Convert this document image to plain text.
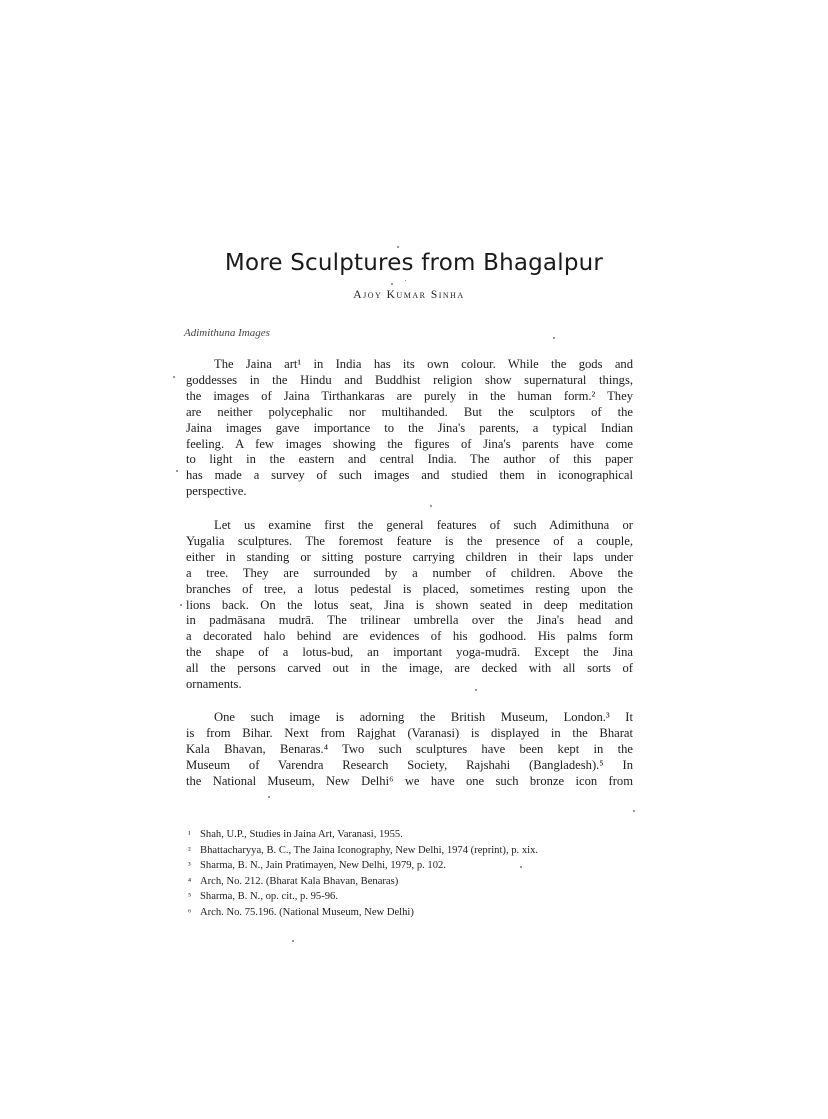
More Sculptures from Bhagalpur
Ajoy Kumar Sinha
Adimithuna Images
The Jaina art¹ in India has its own colour. While the gods and
goddesses in the Hindu and Buddhist religion show supernatural things,
the images of Jaina Tirthankaras are purely in the human form.² They
are neither polycephalic nor multihanded. But the sculptors of the
Jaina images gave importance to the Jina's parents, a typical Indian
feeling. A few images showing the figures of Jina's parents have come
to light in the eastern and central India. The author of this paper
has made a survey of such images and studied them in iconographical
perspective.
Let us examine first the general features of such Adimithuna or
Yugalia sculptures. The foremost feature is the presence of a couple,
either in standing or sitting posture carrying children in their laps under
a tree. They are surrounded by a number of children. Above the
branches of tree, a lotus pedestal is placed, sometimes resting upon the
lions back. On the lotus seat, Jina is shown seated in deep meditation
in padmāsana mudrā. The trilinear umbrella over the Jina's head and
a decorated halo behind are evidences of his godhood. His palms form
the shape of a lotus-bud, an important yoga-mudrā. Except the Jina
all the persons carved out in the image, are decked with all sorts of
ornaments.
One such image is adorning the British Museum, London.³ It
is from Bihar. Next from Rajghat (Varanasi) is displayed in the Bharat
Kala Bhavan, Benaras.⁴ Two such sculptures have been kept in the
Museum of Varendra Research Society, Rajshahi (Bangladesh).⁵ In
the National Museum, New Delhi⁶ we have one such bronze icon from
¹ Shah, U.P., Studies in Jaina Art, Varanasi, 1955.
² Bhattacharyya, B. C., The Jaina Iconography, New Delhi, 1974 (reprint), p. xix.
³ Sharma, B. N., Jain Pratimayen, New Delhi, 1979, p. 102.
⁴ Arch, No. 212. (Bharat Kala Bhavan, Benaras)
⁵ Sharma, B. N., op. cit., p. 95-96.
⁶ Arch. No. 75.196. (National Museum, New Delhi)
